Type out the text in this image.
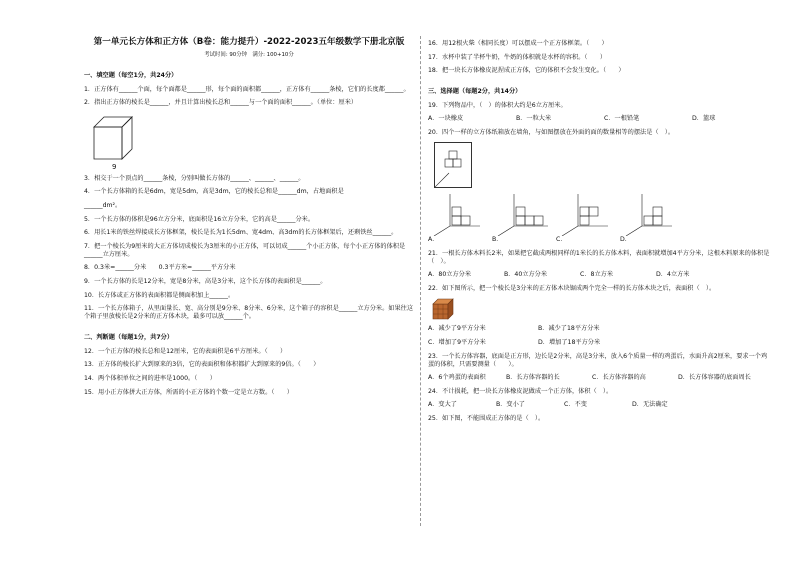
第一单元长方体和正方体（B卷：能力提升）-2022-2023五年级数学下册北京版
考试时间: 90分钟　满分: 100+10分
一、填空题（每空1分，共24分）
1．正方体有______个面，每个面都是______形，每个面的面积都______，正方体有______条棱，它们的长度都______。
2．指出正方体的棱长是______，并且计算出棱长总和______与一个面的面积______。（单位：厘米）
9
3．相交于一个顶点的______条棱，分别叫做长方体的______、______、______。
4．一个长方体箱的长是6dm，宽是5dm，高是3dm，它的棱长总和是______dm，占地面积是
______dm²。
5．一个长方体的体积是96立方分米，底面积是16立方分米，它的高是______分米。
6．用长1米的铁丝焊接成长方体框架，棱长是长为1长5dm、宽4dm、高3dm的长方体框架后，还剩铁丝______。
7．把一个棱长为9厘米的大正方体切成棱长为3厘米的小正方体，可以切成______个小正方体，每个小正方体的体积是______立方厘米。
8．0.3米=______分米　　0.3平方米=______平方分米
9．一个长方体的长是12分米，宽是8分米，高是3分米，这个长方体的表面积是______。
10．长方体或正方体的表面积都是侧面积加上______。
11．一个长方体箱子，从里面量长、宽、高分别是9分米、8分米、6分米，这个箱子的容积是______立方分米。如果往这个箱子里放棱长是2分米的正方体木块，最多可以放______个。
二、判断题（每题1分，共7分）
12．一个正方体的棱长总和是12厘米，它的表面积是6平方厘米。（　　）
13．正方体的棱长扩大到原来的3倍，它的表面积和体积都扩大到原来的9倍。（　　）
14．两个体积单位之间的进率是1000。（　　）
15．用小正方体拼大正方体，所需的小正方体的个数一定是立方数。（　　）
16．用12根火柴（相同长度）可以摆成一个正方体框架。（　　）
17．水杯中装了半杯牛奶，牛奶的体积就是水杯的容积。（　　）
18．把一块长方体橡皮泥捏成正方体，它的体积不会发生变化。（　　）
三、选择题（每题2分，共14分）
19．下列物品中，（　）的体积大约是6立方厘米。
A．一块橡皮	B．一粒大米	C．一根铅笔	D．篮球
20．四个一样的立方体纸箱放在墙角，与如图摆放在外面的面的数量相等的摆法是（　）。
A．	B．	C．	D．
21．一根长方体木料长2米，如果把它截成两根同样的1米长的长方体木料，表面积就增加4平方分米，这根木料原来的体积是（　）。
A．80立方分米	B．40立方分米	C．8立方米	D．4立方米
22．如下图所示，把一个棱长是3分米的正方体木块锯成两个完全一样的长方体木块之后，表面积（　）。
A．减少了9平方分米	B．减少了18平方分米
C．增加了9平方分米	D．增加了18平方分米
23．一个长方体容器，底面是正方形，边长是2分米，高是3分米，放入6个质量一样的鸡蛋后，水面升高2厘米，要求一个鸡蛋的体积，只需要测量（　　）。
A．6个鸡蛋的表面积	B．长方体容器的长	C．长方体容器的高	D．长方体容器的底面周长
24．不计损耗，把一块长方体橡皮泥做成一个正方体，体积（　）。
A．变大了	B．变小了	C．不变	D．无法确定
25．如下图，不能围成正方体的是（　）。
